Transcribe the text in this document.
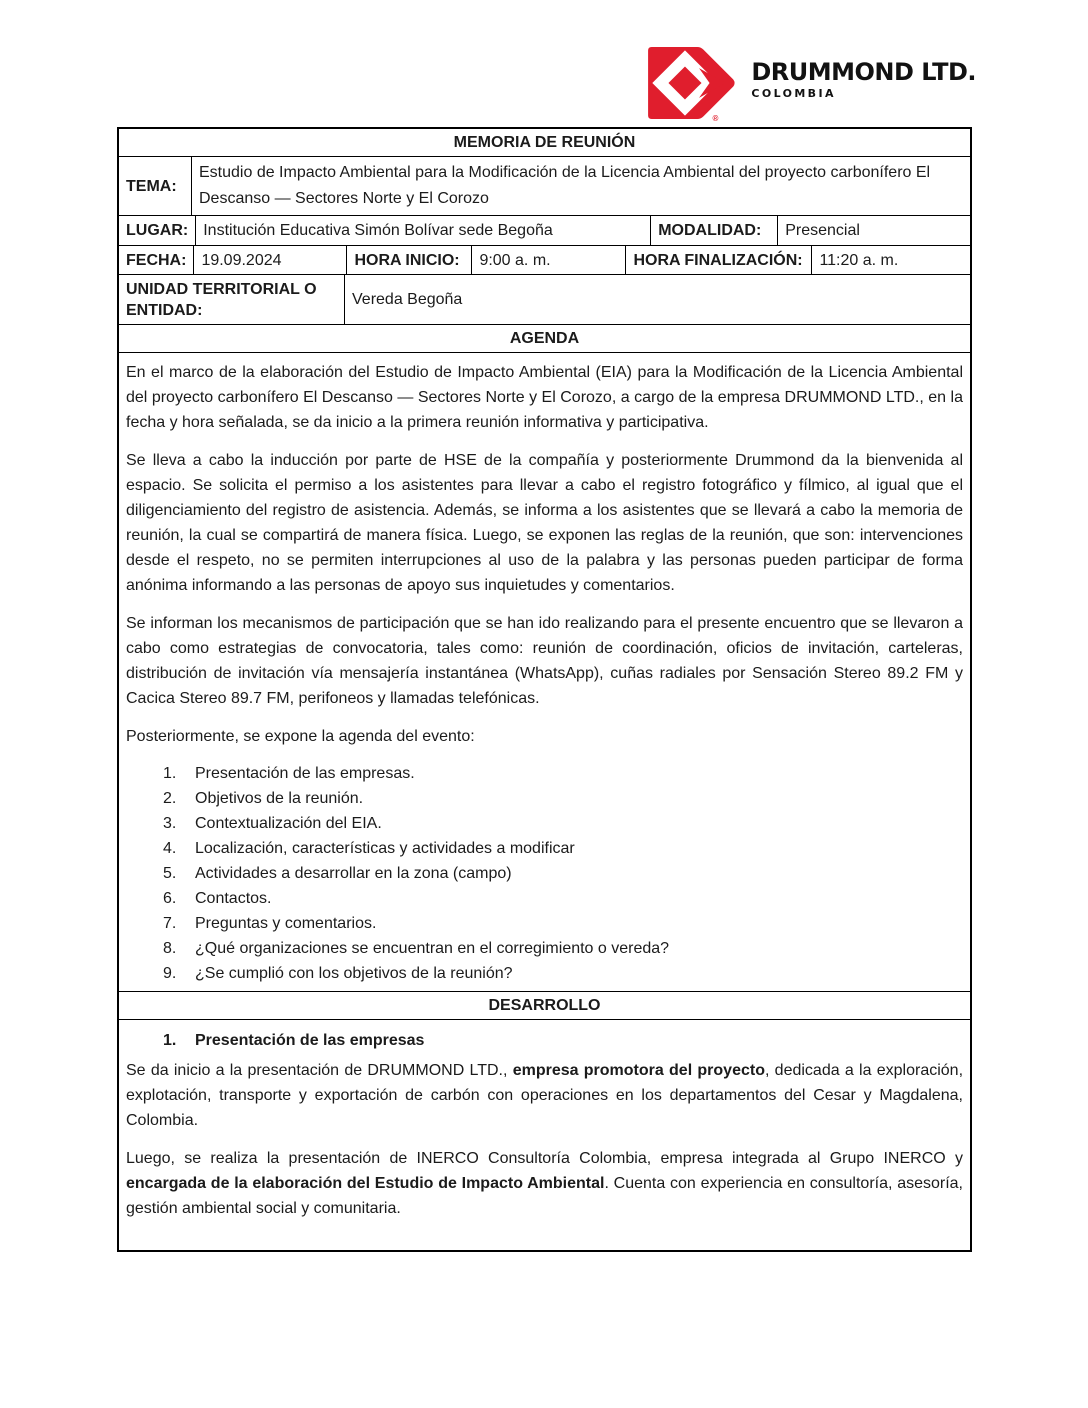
®
DRUMMOND LTD.
COLOMBIA
MEMORIA DE REUNIÓN
TEMA:
Estudio de Impacto Ambiental para la Modificación de la Licencia Ambiental del proyecto carbonífero El Descanso — Sectores Norte y El Corozo
LUGAR: Institución Educativa Simón Bolívar sede Begoña	MODALIDAD:	Presencial
FECHA: 19.09.2024	HORA INICIO:	9:00 a. m.	HORA FINALIZACIÓN:	11:20 a. m.
UNIDAD TERRITORIAL O ENTIDAD:
Vereda Begoña
AGENDA

En el marco de la elaboración del Estudio de Impacto Ambiental (EIA) para la Modificación de la Licencia Ambiental del proyecto carbonífero El Descanso — Sectores Norte y El Corozo, a cargo de la empresa DRUMMOND LTD., en la fecha y hora señalada, se da inicio a la primera reunión informativa y participativa.

Se lleva a cabo la inducción por parte de HSE de la compañía y posteriormente Drummond da la bienvenida al espacio. Se solicita el permiso a los asistentes para llevar a cabo el registro fotográfico y fílmico, al igual que el diligenciamiento del registro de asistencia. Además, se informa a los asistentes que se llevará a cabo la memoria de reunión, la cual se compartirá de manera física. Luego, se exponen las reglas de la reunión, que son: intervenciones desde el respeto, no se permiten interrupciones al uso de la palabra y las personas pueden participar de forma anónima informando a las personas de apoyo sus inquietudes y comentarios.

Se informan los mecanismos de participación que se han ido realizando para el presente encuentro que se llevaron a cabo como estrategias de convocatoria, tales como: reunión de coordinación, oficios de invitación, carteleras, distribución de invitación vía mensajería instantánea (WhatsApp), cuñas radiales por Sensación Stereo 89.2 FM y Cacica Stereo 89.7 FM, perifoneos y llamadas telefónicas.

Posteriormente, se expone la agenda del evento:

1.	Presentación de las empresas.
2.	Objetivos de la reunión.
3.	Contextualización del EIA.
4.	Localización, características y actividades a modificar
5.	Actividades a desarrollar en la zona (campo)
6.	Contactos.
7.	Preguntas y comentarios.
8.	¿Qué organizaciones se encuentran en el corregimiento o vereda?
9.	¿Se cumplió con los objetivos de la reunión?
DESARROLLO
1.	Presentación de las empresas

Se da inicio a la presentación de DRUMMOND LTD., empresa promotora del proyecto, dedicada a la exploración, explotación, transporte y exportación de carbón con operaciones en los departamentos del Cesar y Magdalena, Colombia.

Luego, se realiza la presentación de INERCO Consultoría Colombia, empresa integrada al Grupo INERCO y encargada de la elaboración del Estudio de Impacto Ambiental. Cuenta con experiencia en consultoría, asesoría, gestión ambiental social y comunitaria.
